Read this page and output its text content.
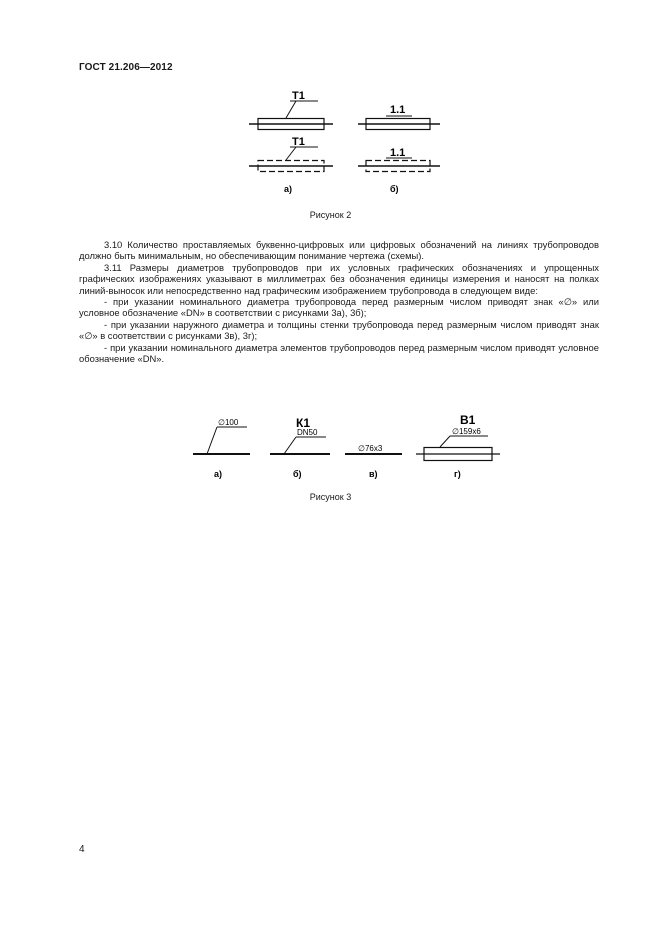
ГОСТ 21.206—2012
Т1
Т1
1.1
1.1
а)	б)
Рисунок 2

3.10 Количество проставляемых буквенно-цифровых или цифровых обозначений на линиях трубопроводов должно быть минимальным, но обеспечивающим понимание чертежа (схемы).

3.11 Размеры диаметров трубопроводов при их условных графических обозначениях и упрощенных графических изображениях указывают в миллиметрах без обозначения единицы измерения и наносят на полках линий-выносок или непосредственно над графическим изображением трубопровода в следующем виде:

- при указании номинального диаметра трубопровода перед размерным числом приводят знак «∅» или условное обозначение «DN» в соответствии с рисунками 3а), 3б);

- при указании наружного диаметра и толщины стенки трубопровода перед размерным числом приводят знак «∅» в соответствии с рисунками 3в), 3г);

- при указании номинального диаметра элементов трубопроводов перед размерным числом приводят условное обозначение «DN».

∅100	К1
DN50
∅76x3
В1
∅159x6
а)	б)	в)	г)
Рисунок 3
4
